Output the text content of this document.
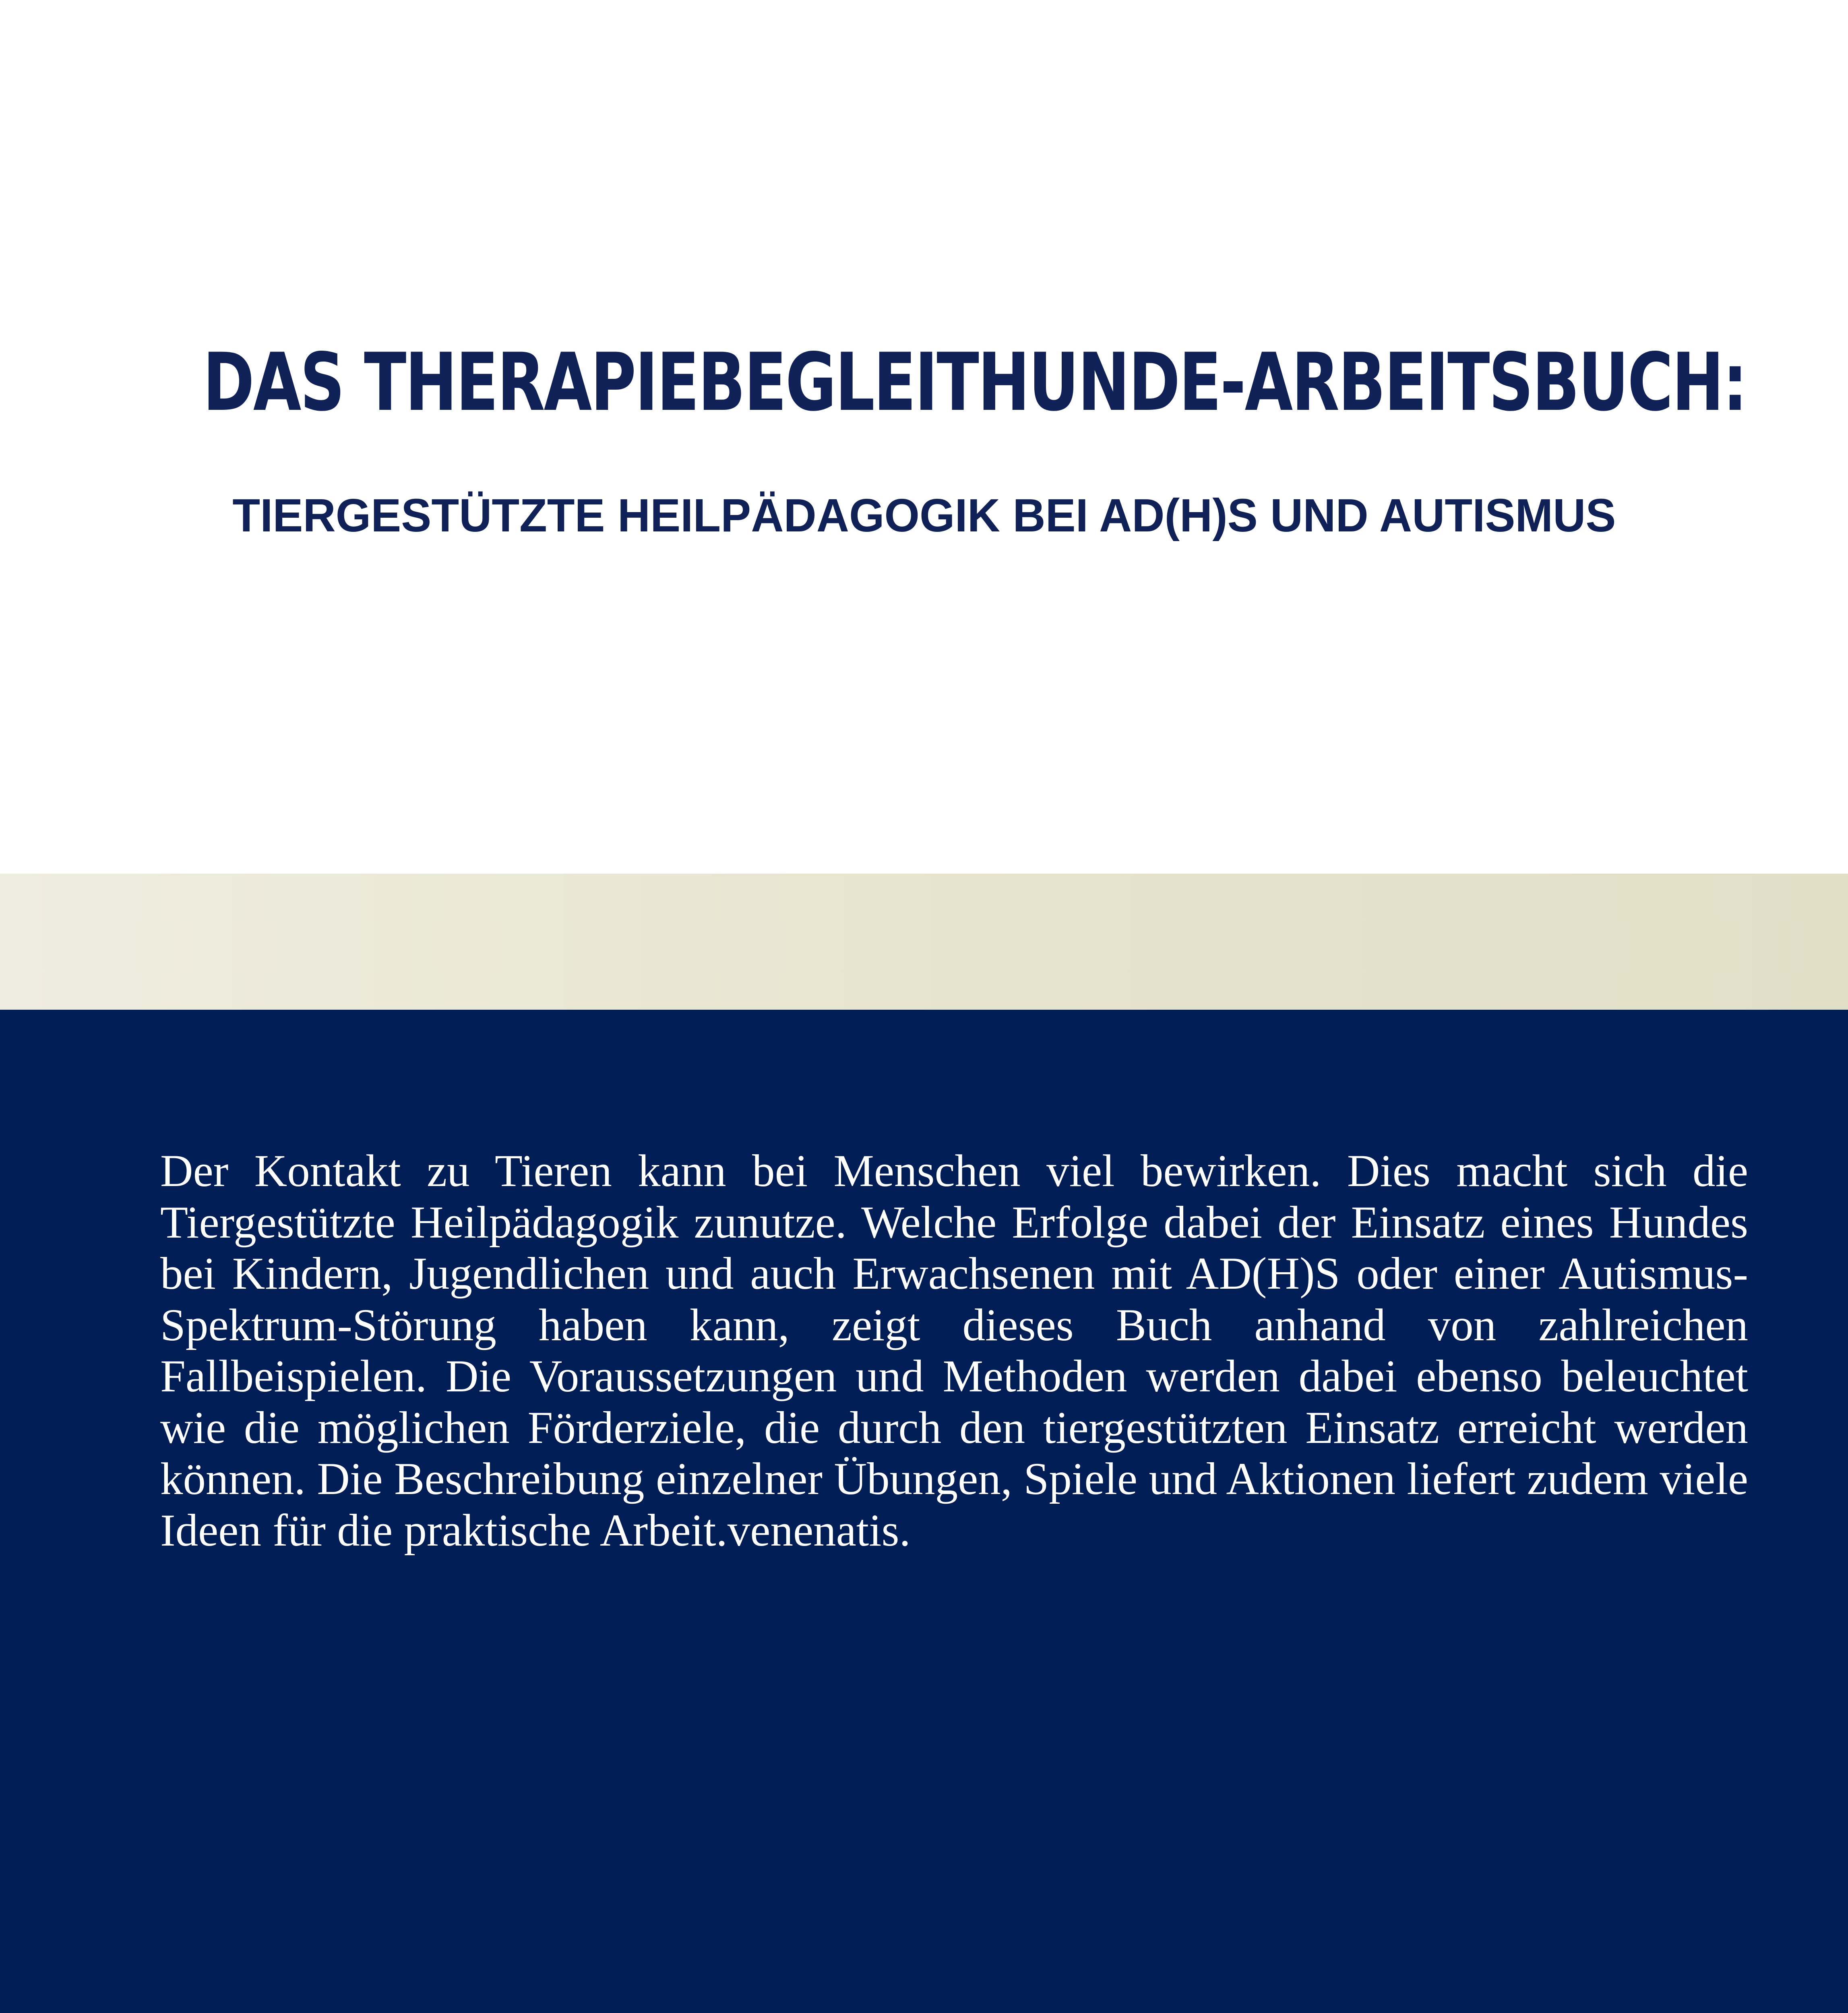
DAS THERAPIEBEGLEITHUNDE-ARBEITSBUCH:
TIERGESTÜTZTE HEILPÄDAGOGIK BEI AD(H)S UND AUTISMUS

Der Kontakt zu Tieren kann bei Menschen viel bewirken. Dies macht sich die Tiergestützte Heilpädagogik zunutze. Welche Erfolge dabei der Einsatz eines Hundes bei Kindern, Jugendlichen und auch Erwachsenen mit AD(H)S oder einer Autismus-Spektrum-Störung haben kann, zeigt dieses Buch anhand von zahlreichen Fallbeispielen. Die Voraussetzungen und Methoden werden dabei ebenso beleuchtet wie die möglichen Förderziele, die durch den tiergestützten Einsatz erreicht werden können. Die Beschreibung einzelner Übungen, Spiele und Aktionen liefert zudem viele Ideen für die praktische Arbeit.venenatis.
